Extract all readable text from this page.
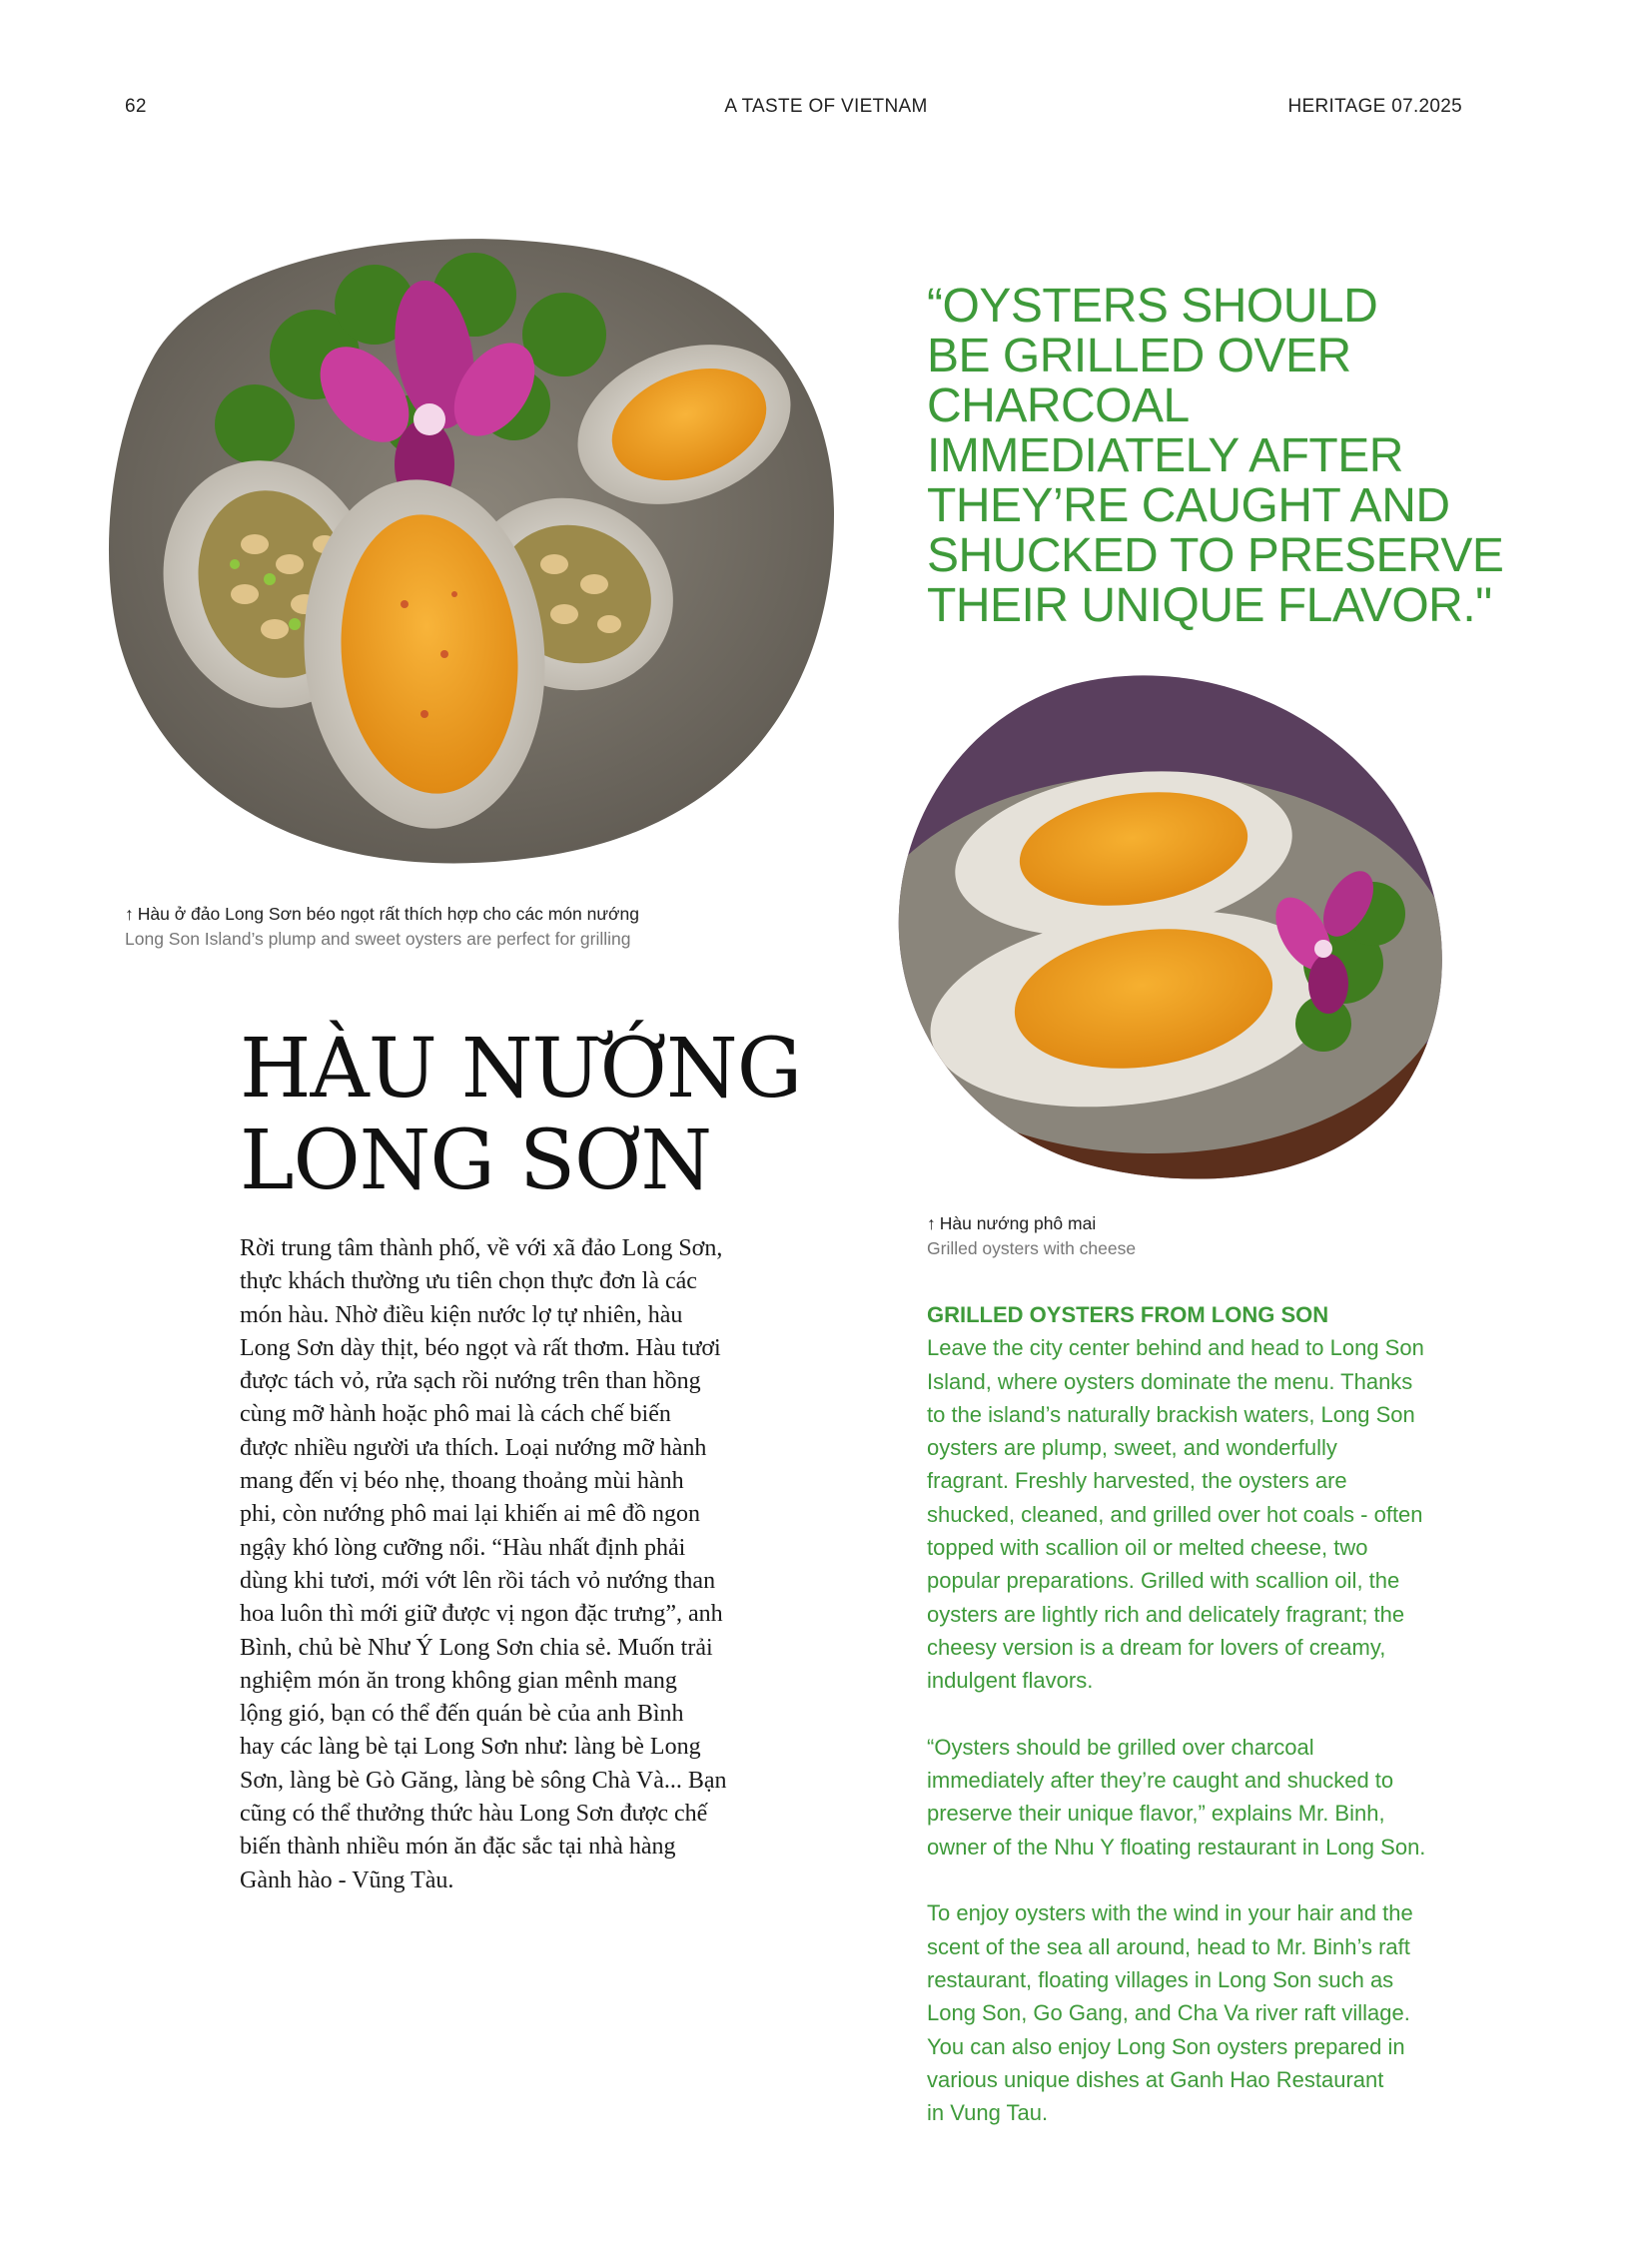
62	A TASTE OF VIETNAM	HERITAGE 07.2025
“OYSTERS SHOULD
BE GRILLED OVER
CHARCOAL
IMMEDIATELY AFTER
THEY’RE CAUGHT AND
SHUCKED TO PRESERVE
THEIR UNIQUE FLAVOR."
↑ Hàu ở đảo Long Sơn béo ngọt rất thích hợp cho các món nướng
Long Son Island’s plump and sweet oysters are perfect for grilling
↑ Hàu nướng phô mai
Grilled oysters with cheese
HÀU NƯỚNG
LONG SƠN
Rời trung tâm thành phố, về với xã đảo Long Sơn,
thực khách thường ưu tiên chọn thực đơn là các
món hàu. Nhờ điều kiện nước lợ tự nhiên, hàu
Long Sơn dày thịt, béo ngọt và rất thơm. Hàu tươi
được tách vỏ, rửa sạch rồi nướng trên than hồng
cùng mỡ hành hoặc phô mai là cách chế biến
được nhiều người ưa thích. Loại nướng mỡ hành
mang đến vị béo nhẹ, thoang thoảng mùi hành
phi, còn nướng phô mai lại khiến ai mê đồ ngon
ngậy khó lòng cưỡng nổi. “Hàu nhất định phải
dùng khi tươi, mới vớt lên rồi tách vỏ nướng than
hoa luôn thì mới giữ được vị ngon đặc trưng”, anh
Bình, chủ bè Như Ý Long Sơn chia sẻ. Muốn trải
nghiệm món ăn trong không gian mênh mang
lộng gió, bạn có thể đến quán bè của anh Bình
hay các làng bè tại Long Sơn như: làng bè Long
Sơn, làng bè Gò Găng, làng bè sông Chà Và... Bạn
cũng có thể thưởng thức hàu Long Sơn được chế
biến thành nhiều món ăn đặc sắc tại nhà hàng
Gành hào - Vũng Tàu.
GRILLED OYSTERS FROM LONG SON
Leave the city center behind and head to Long Son
Island, where oysters dominate the menu. Thanks
to the island’s naturally brackish waters, Long Son
oysters are plump, sweet, and wonderfully
fragrant. Freshly harvested, the oysters are
shucked, cleaned, and grilled over hot coals - often
topped with scallion oil or melted cheese, two
popular preparations. Grilled with scallion oil, the
oysters are lightly rich and delicately fragrant; the
cheesy version is a dream for lovers of creamy,
indulgent flavors.
“Oysters should be grilled over charcoal
immediately after they’re caught and shucked to
preserve their unique flavor,” explains Mr. Binh,
owner of the Nhu Y floating restaurant in Long Son.
To enjoy oysters with the wind in your hair and the
scent of the sea all around, head to Mr. Binh’s raft
restaurant, floating villages in Long Son such as
Long Son, Go Gang, and Cha Va river raft village.
You can also enjoy Long Son oysters prepared in
various unique dishes at Ganh Hao Restaurant
in Vung Tau.
